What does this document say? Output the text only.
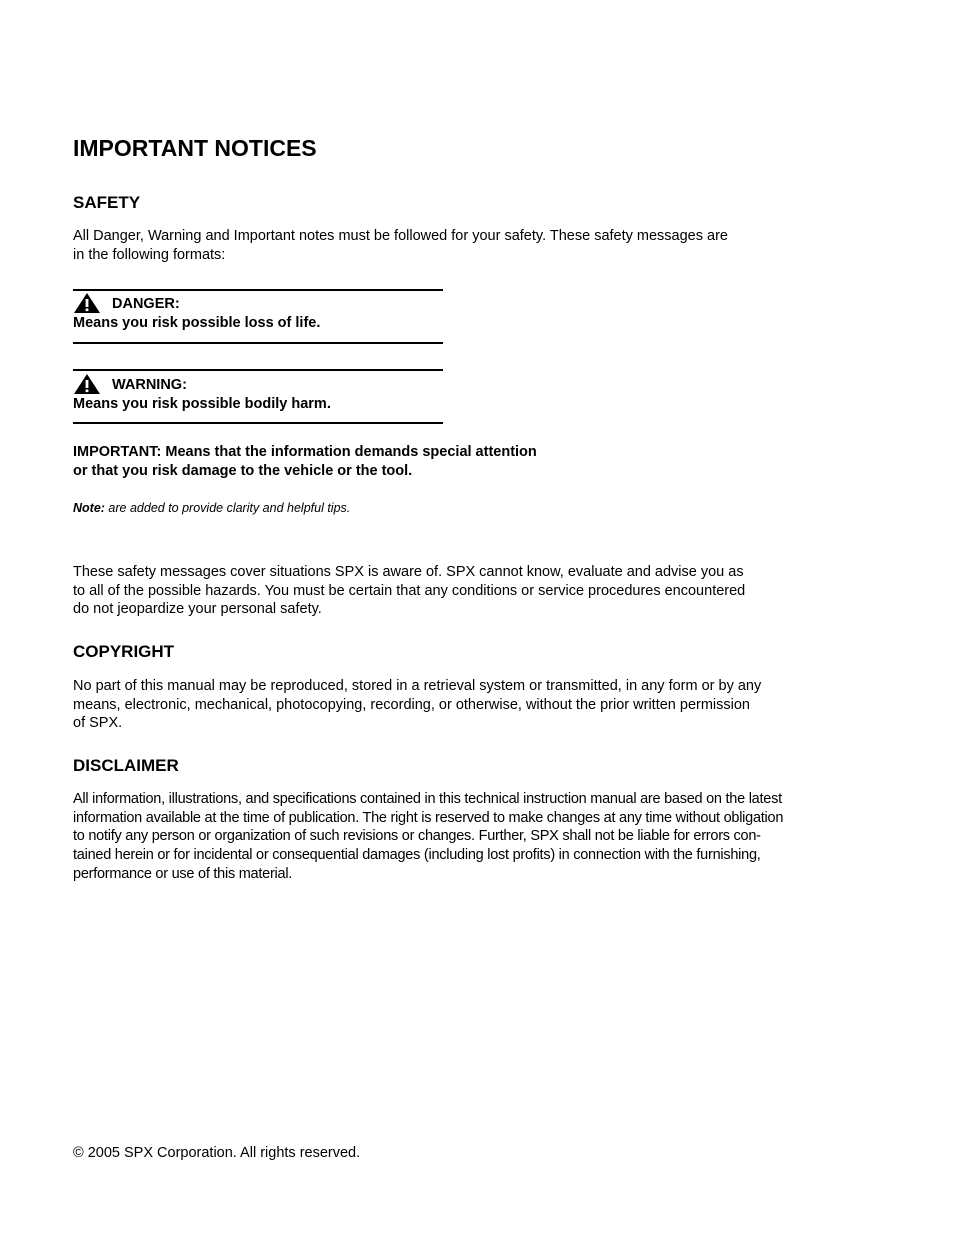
IMPORTANT NOTICES
SAFETY

All Danger, Warning and Important notes must be followed for your safety. These safety messages are
in the following formats:

DANGER:
Means you risk possible loss of life.
WARNING:
Means you risk possible bodily harm.
IMPORTANT: Means that the information demands special attention
or that you risk damage to the vehicle or the tool.
Note: are added to provide clarity and helpful tips.

These safety messages cover situations SPX is aware of. SPX cannot know, evaluate and advise you as
to all of the possible hazards. You must be certain that any conditions or service procedures encountered
do not jeopardize your personal safety.

COPYRIGHT

No part of this manual may be reproduced, stored in a retrieval system or transmitted, in any form or by any
means, electronic, mechanical, photocopying, recording, or otherwise, without the prior written permission
of SPX.

DISCLAIMER

All information, illustrations, and specifications contained in this technical instruction manual are based on the latest
information available at the time of publication. The right is reserved to make changes at any time without obligation
to notify any person or organization of such revisions or changes. Further, SPX shall not be liable for errors con-
tained herein or for incidental or consequential damages (including lost profits) in connection with the furnishing,
performance or use of this material.

© 2005 SPX Corporation. All rights reserved.
